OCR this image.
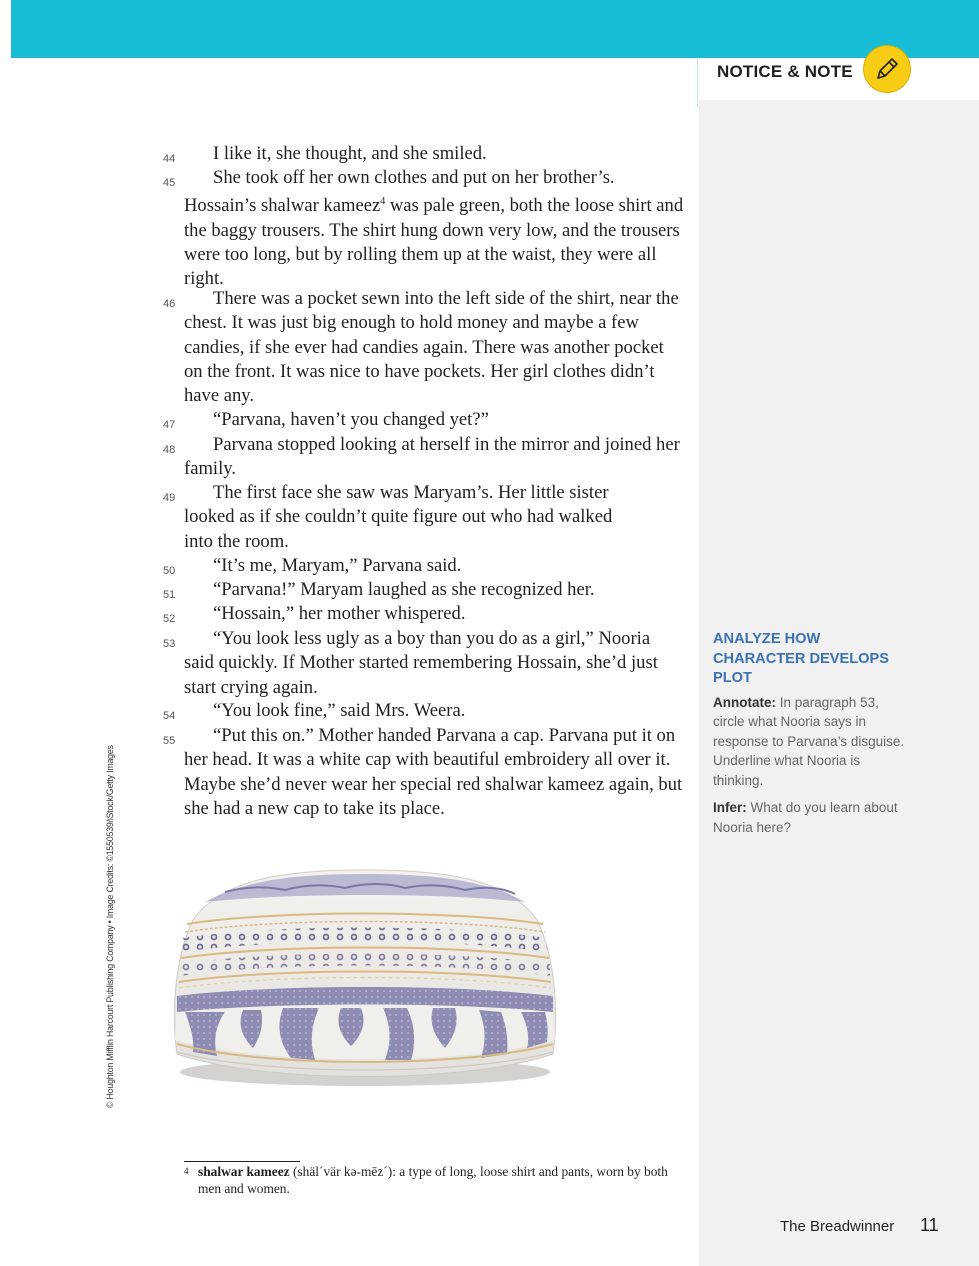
NOTICE & NOTE
44	I like it, she thought, and she smiled.
45	She took off her own clothes and put on her brother’s. Hossain’s shalwar kameez$^4$ was pale green, both the loose shirt and the baggy trousers. The shirt hung down very low, and the trousers were too long, but by rolling them up at the waist, they were all right.
46	There was a pocket sewn into the left side of the shirt, near the chest. It was just big enough to hold money and maybe a few candies, if she ever had candies again. There was another pocket on the front. It was nice to have pockets. Her girl clothes didn’t have any.
47	“Parvana, haven’t you changed yet?”
48	Parvana stopped looking at herself in the mirror and joined her family.
49	The first face she saw was Maryam’s. Her little sister looked as if she couldn’t quite figure out who had walked into the room.
50	“It’s me, Maryam,” Parvana said.
51	“Parvana!” Maryam laughed as she recognized her.
52	“Hossain,” her mother whispered.
53	“You look less ugly as a boy than you do as a girl,” Nooria said quickly. If Mother started remembering Hossain, she’d just start crying again.
54	“You look fine,” said Mrs. Weera.
55	“Put this on.” Mother handed Parvana a cap. Parvana put it on her head. It was a white cap with beautiful embroidery all over it. Maybe she’d never wear her special red shalwar kameez again, but she had a new cap to take its place.
ANALYZE HOW CHARACTER DEVELOPS PLOT
Annotate: In paragraph 53, circle what Nooria says in response to Parvana’s disguise. Underline what Nooria is thinking.
Infer: What do you learn about Nooria here?
© Houghton Mifflin Harcourt Publishing Company • Image Credits: ©1550539/iStock/Getty Images
4 shalwar kameez (shäl´vär kə-mēz´): a type of long, loose shirt and pants, worn by both men and women.
The Breadwinner 11
